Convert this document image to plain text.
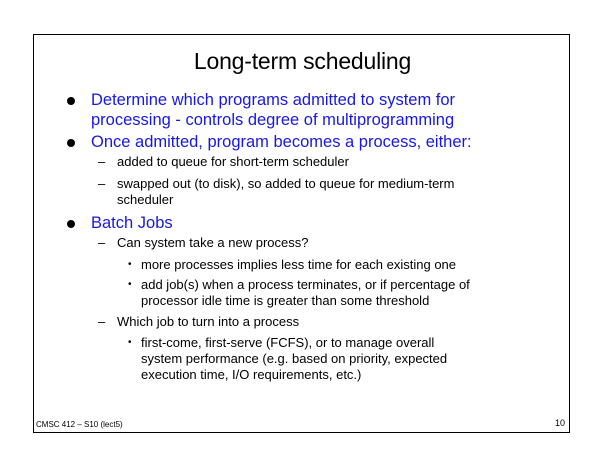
Long-term scheduling
Determine which programs admitted to system for
processing - controls degree of multiprogramming
Once admitted, program becomes a process, either:
– added to queue for short-term scheduler
– swapped out (to disk), so added to queue for medium-term
scheduler
Batch Jobs
– Can system take a new process?
• more processes implies less time for each existing one
• add job(s) when a process terminates, or if percentage of
processor idle time is greater than some threshold
– Which job to turn into a process
• first-come, first-serve (FCFS), or to manage overall
system performance (e.g. based on priority, expected
execution time, I/O requirements, etc.)
CMSC 412 – S10 (lect5)	10
